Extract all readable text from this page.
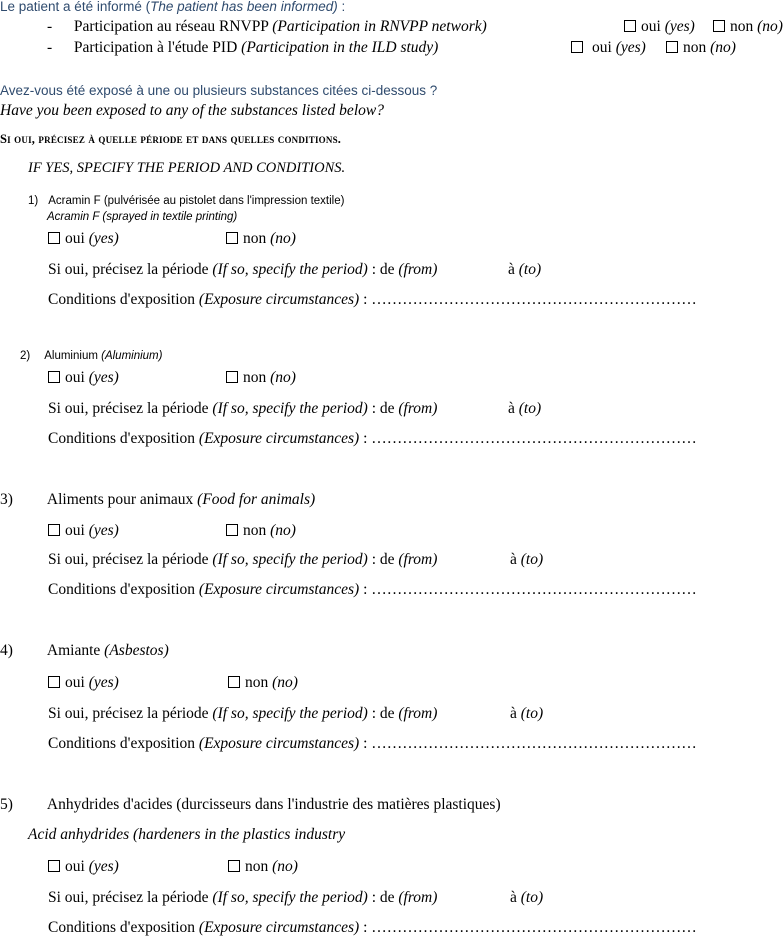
Le patient a été informé (The patient has been informed) :
- Participation au réseau RNVPP (Participation in RNVPP network)	oui (yes)	non (no)
- Participation à l'étude PID (Participation in the ILD study)	oui (yes)	non (no)
Avez-vous été exposé à une ou plusieurs substances citées ci-dessous ?
Have you been exposed to any of the substances listed below?
Si oui, précisez à quelle période et dans quelles conditions.
IF YES, SPECIFY THE PERIOD AND CONDITIONS.
1) Acramin F (pulvérisée au pistolet dans l'impression textile)
Acramin F (sprayed in textile printing)
oui (yes)	non (no)
Si oui, précisez la période (If so, specify the period) : de (from)	à (to)
Conditions d'exposition (Exposure circumstances) : ………………………………………………………
2) Aluminium (Aluminium)
oui (yes)	non (no)
Si oui, précisez la période (If so, specify the period) : de (from)	à (to)
Conditions d'exposition (Exposure circumstances) : ………………………………………………………
3) Aliments pour animaux (Food for animals)
oui (yes)	non (no)
Si oui, précisez la période (If so, specify the period) : de (from)	à (to)
Conditions d'exposition (Exposure circumstances) : ………………………………………………………
4) Amiante (Asbestos)
oui (yes)	non (no)
Si oui, précisez la période (If so, specify the period) : de (from)	à (to)
Conditions d'exposition (Exposure circumstances) : ………………………………………………………
5) Anhydrides d'acides (durcisseurs dans l'industrie des matières plastiques)
Acid anhydrides (hardeners in the plastics industry
oui (yes)	non (no)
Si oui, précisez la période (If so, specify the period) : de (from)	à (to)
Conditions d'exposition (Exposure circumstances) : ………………………………………………………
